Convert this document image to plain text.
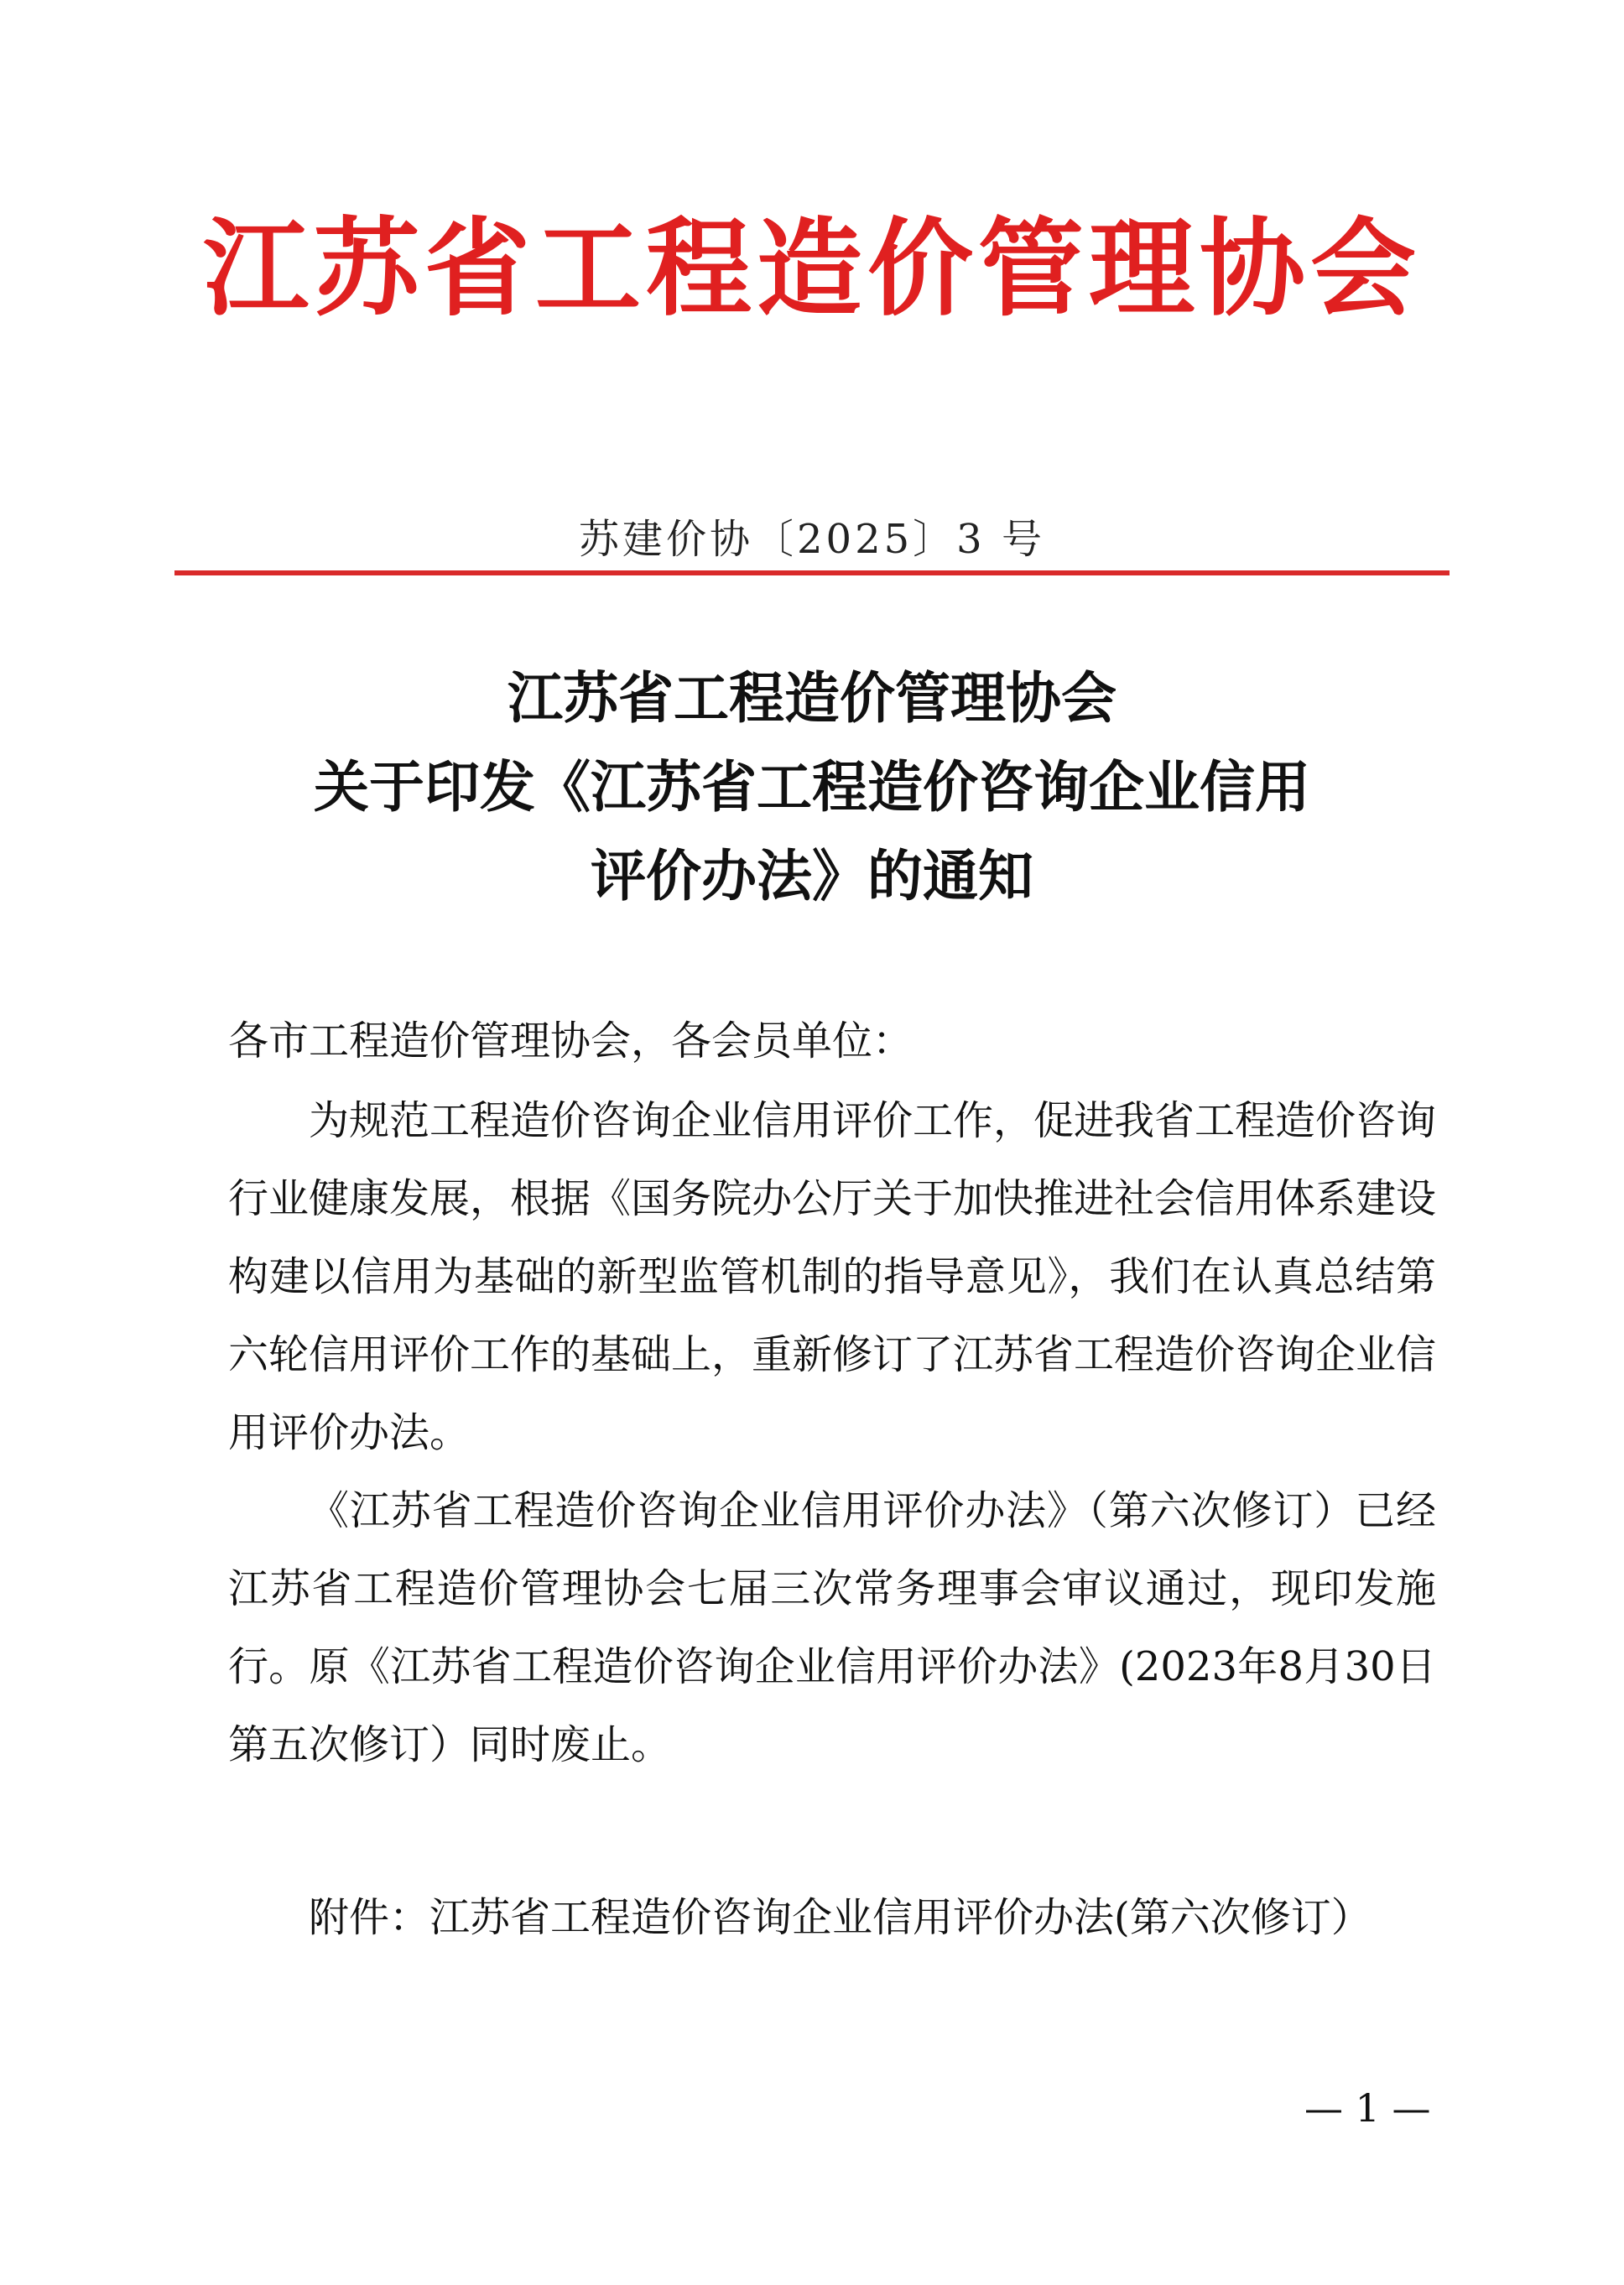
江苏省工程造价管理协会
苏建价协〔2025〕3 号
江苏省工程造价管理协会
关于印发《江苏省工程造价咨询企业信用
评价办法》的通知
各市工程造价管理协会，各会员单位：
为规范工程造价咨询企业信用评价工作，促进我省工程造价咨询行业健康发展，根据《国务院办公厅关于加快推进社会信用体系建设构建以信用为基础的新型监管机制的指导意见》，我们在认真总结第六轮信用评价工作的基础上，重新修订了江苏省工程造价咨询企业信用评价办法。
《江苏省工程造价咨询企业信用评价办法》（第六次修订）已经江苏省工程造价管理协会七届三次常务理事会审议通过，现印发施行。原《江苏省工程造价咨询企业信用评价办法》(2023年8月30日第五次修订）同时废止。
附件：江苏省工程造价咨询企业信用评价办法(第六次修订）
— 1 —
